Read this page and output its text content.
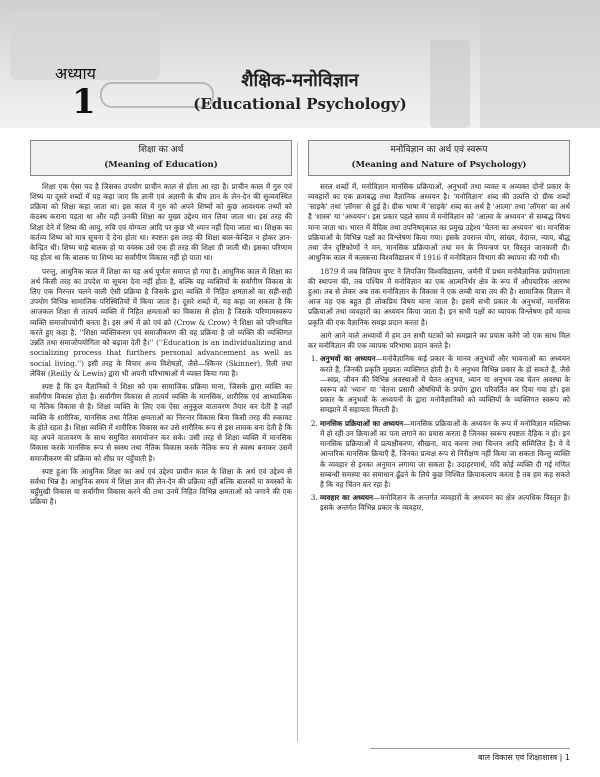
अध्याय
1
शैक्षिक-मनोविज्ञान
(Educational Psychology)
शिक्षा का अर्थ
(Meaning of Education)

शिक्षा एक ऐसा पद है जिसका उपयोग प्राचीन काल से होता आ रहा है। प्राचीन काल में गुरु एवं शिष्य या दूसरे शब्दों में यह कहा जाए कि ज्ञानी एवं अज्ञानी के बीच ज्ञान के लेन-देन की सुव्यवस्थित प्रक्रिया को शिक्षा कहा जाता था। इस काल में गुरु को अपने शिष्यों को कुछ आवश्यक तथ्यों को कंठस्थ कराना पड़ता था और यही उनकी शिक्षा का मुख्य उद्देश्य मान लिया जाता था। इस तरह की शिक्षा देने में शिष्य की आयु, रुचि एवं योग्यता आदि पर कुछ भी ध्यान नहीं दिया जाता था। शिक्षक का कर्तव्य शिष्य को मात्र सूचना दे देना होता था। स्पष्टतः इस तरह की शिक्षा बाल-केन्द्रित न होकर ज्ञान-केन्द्रित थी। शिष्य चाहे बालक हो या वयस्क उसे एक ही तरह की शिक्षा दी जाती थी। इसका परिणाम यह होता था कि बालक या शिष्य का सर्वांगीण विकास नहीं हो पाता था।

परन्तु, आधुनिक काल में शिक्षा का यह अर्थ पूर्णतः समाप्त हो गया है। आधुनिक काल में शिक्षा का अर्थ किसी तरह का उपदेश या सूचना देना नहीं होता है, बल्कि यह व्यक्तियों के सर्वांगीण विकास के लिए एक निरन्तर चलने वाली ऐसी प्रक्रिया है जिसके द्वारा व्यक्ति में निहित क्षमताओं का सही-सही उपयोग विभिन्न सामाजिक परिस्थितियों में किया जाता है। दूसरे शब्दों में, यह कहा जा सकता है कि आजकल शिक्षा से तात्पर्य व्यक्ति में निहित क्षमताओं का विकास से होता है जिसके परिणामस्वरूप व्यक्ति समाजोपयोगी बनता है। इस अर्थ में क्रो एवं क्रो (Crow & Crow) ने शिक्षा को परिभाषित करते हुए कहा है, ''शिक्षा व्यक्तिकरण एवं समाजीकरण की वह प्रक्रिया है जो व्यक्ति की व्यक्तिगत उन्नति तथा समाजोपयोगिता को बढ़ावा देती है।'' (''Education is an individualizing and socializing process that furthers personal advancement as well as social living.'') इसी तरह के विचार अन्य विशेषज्ञों, जैसे—स्किनर (Skinner), रिली तथा लेविस (Reilly & Lewis) द्वारा भी अपनी परिभाषाओं में व्यक्त किया गया है।

स्पष्ट है कि इन वैज्ञानिकों ने शिक्षा को एक सामाजिक प्रक्रिया माना, जिसके द्वारा व्यक्ति का सर्वांगीण विकास होता है। सर्वांगीण विकास से तात्पर्य व्यक्ति के मानसिक, शारीरिक एवं आध्यात्मिक या नैतिक विकास से है। शिक्षा व्यक्ति के लिए एक ऐसा अनुकूल वातावरण तैयार कर देती है जहाँ व्यक्ति के शारीरिक, मानसिक तथा नैतिक क्षमताओं का निरन्तर विकास बिना किसी तरह की रुकावट के होते रहता है। शिक्षा व्यक्ति में शारीरिक विकास कर उसे शारीरिक रूप से इस लायक बना देती है कि वह अपने वातावरण के साथ समुचित समायोजन कर सके। उसी तरह से शिक्षा व्यक्ति में मानसिक विकास करके मानसिक रूप से स्वस्थ तथा नैतिक विकास करके नैतिक रूप से स्वस्थ बनाकर उसमें समाजीकरण की प्रक्रिया को शीघ्र पर पहुँचाती है।

स्पष्ट हुआ कि आधुनिक शिक्षा का अर्थ एवं उद्देश्य प्राचीन काल के शिक्षा के अर्थ एवं उद्देश्य से सर्वथा भिन्न है। आधुनिक समय में शिक्षा ज्ञान की लेन-देन की प्रक्रिया नहीं बल्कि बालकों या वयस्कों के चहुँमुखी विकास या सर्वांगीण विकास करने की तथा उनमें निहित विभिन्न क्षमताओं को जगाने की एक प्रक्रिया है।

मनोविज्ञान का अर्थ एवं स्वरूप
(Meaning and Nature of Psychology)

सरल शब्दों में, मनोविज्ञान मानसिक प्रक्रियाओं, अनुभवों तथा व्यक्त व अव्यक्त दोनों प्रकार के व्यवहारों का एक क्रमबद्ध तथा वैज्ञानिक अध्ययन है। 'मनोविज्ञान' शब्द की उत्पत्ति दो ग्रीक शब्दों 'साइके' तथा 'लॉगस' से हुई है। ग्रीक भाषा में 'साइके' शब्द का अर्थ है 'आत्मा' तथा 'लॉगस' का अर्थ है 'शास्त्र' या 'अध्ययन'। इस प्रकार पहले समय में मनोविज्ञान को 'आत्मा के अध्ययन' से सम्बद्ध विषय माना जाता था। भारत में वैदिक तथा उपनिषद्काल का प्रमुख उद्देश्य 'चेतना का अध्ययन' था। मानसिक प्रक्रियाओं के विभिन्न पक्षों का विश्लेषण किया गया। इसके उपरान्त योग, सांख्य, वेदान्त, न्याय, बौद्ध तथा जैन दृष्टिकोणों ने मन, मानसिक प्रक्रियाओं तथा मन के नियन्त्रण पर विस्तृत जानकारी दी। आधुनिक काल में कलकत्ता विश्वविद्यालय में 1916 में मनोविज्ञान विभाग की स्थापना की गयी थी।

1879 में जब विलियम वुण्ट ने लिपजिग विश्वविद्यालय, जर्मनी में प्रथम मनोवैज्ञानिक प्रयोगशाला की स्थापना की, तब पश्चिम में मनोविज्ञान का एक आत्मनिर्भर क्षेत्र के रूप में औपचारिक आरम्भ हुआ। तब से लेकर अब तक मनोविज्ञान के विकास ने एक लम्बी यात्रा तय की है। सामाजिक विज्ञान में आज यह एक बहुत ही लोकप्रिय विषय माना जाता है। इसमें सभी प्रकार के अनुभवों, मानसिक प्रक्रियाओं तथा व्यवहारों का अध्ययन किया जाता है। इन सभी पक्षों का व्यापक विश्लेषण हमें मानव प्रकृति की एक वैज्ञानिक समझ प्रदान करता है।

आगे आने वाले अध्यायों में हम उन सभी घटकों को समझाने का प्रयास करेंगे जो एक साथ मिल कर मनोविज्ञान की एक व्यापक परिभाषा प्रदान करते है।

1. अनुभवों का अध्ययन—मनोवैज्ञानिक कई प्रकार के मानव अनुभवों और भावनाओं का अध्ययन करते हैं, जिनकी प्रकृति मुख्यतः व्यक्तिगत होती है। ये अनुभव विभिन्न प्रकार के हो सकते हैं, जैसे—स्वप्न, जीवन की विभिन्न अवस्थाओं में चेतन अनुभव, ध्यान या अनुभव जब चेतन अवस्था के स्वरूप को 'ध्यान' या 'चेतना प्रसारी औषधियों के प्रयोग द्वारा परिवर्तित कर दिया गया हो। इस प्रकार के अनुभवों के अध्ययनों के द्वारा मनोवैज्ञानिकों को व्यक्तियों के व्यक्तिगत स्वरूप को समझाने में सहायता मिलती है।
2. मानसिक प्रक्रियाओं का अध्ययन—मानसिक प्रक्रियाओं के अध्ययन के रूप में मनोविज्ञान मस्तिष्क में हो रही उन क्रियाओं का पता लगाने का प्रयास करता है जिनका स्वरूप स्पष्टतः दैहिक न हो। इन मानसिक प्रक्रियाओं में प्रत्यक्षीकरण, सीखना, याद करना तथा चिन्तन आदि सम्मिलित है। ये वे आन्तरिक मानसिक क्रियाएँ हैं, जिनका प्रत्यक्ष रूप से निरीक्षण नहीं किया जा सकता किन्तु व्यक्ति के व्यवहार से इनका अनुमान लगाया जा सकता है। उदाहरणार्थ, यदि कोई व्यक्ति दी गई गणित सम्बन्धी समस्या का समाधान ढूँढने के लिये कुछ निश्चित क्रियाकलाप करता है तब हम कह सकते है कि वह चिंतन कर रहा है।
3. व्यवहार का अध्ययन—मनोविज्ञान के अन्तर्गत व्यवहारों के अध्ययन का क्षेत्र अत्यधिक विस्तृत है। इसके अन्तर्गत विभिन्न प्रकार के व्यवहार,
बाल विकास एवं शिक्षाशास्त्र | 1
